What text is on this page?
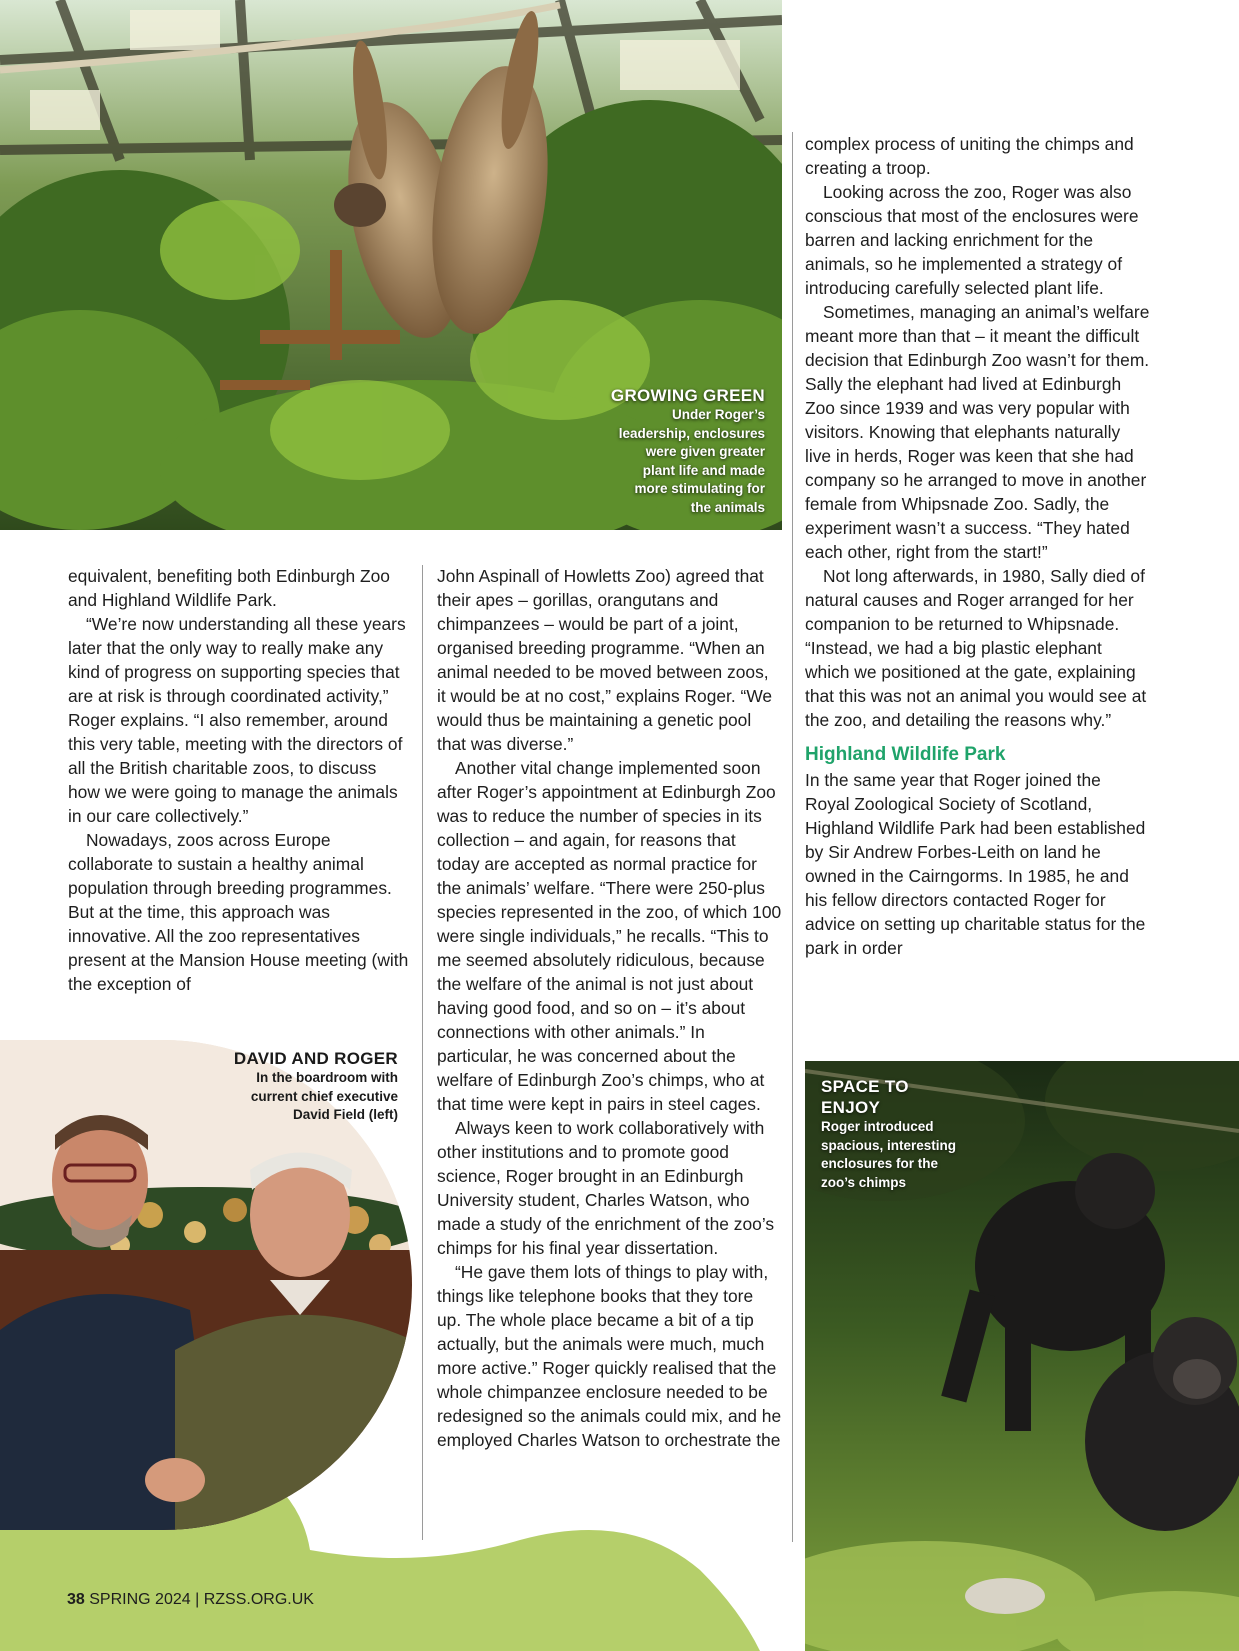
GROWING GREEN
Under Roger’s
leadership, enclosures
were given greater
plant life and made
more stimulating for
the animals
DAVID AND ROGER
In the boardroom with
current chief executive
David Field (left)
SPACE TO
ENJOY
Roger introduced
spacious, interesting
enclosures for the
zoo’s chimps

equivalent, benefiting both Edinburgh Zoo and Highland Wildlife Park.

“We’re now understanding all these years later that the only way to really make any kind of progress on supporting species that are at risk is through coordinated activity,” Roger explains. “I also remember, around this very table, meeting with the directors of all the British charitable zoos, to discuss how we were going to manage the animals in our care collectively.”

Nowadays, zoos across Europe collaborate to sustain a healthy animal population through breeding programmes. But at the time, this approach was innovative. All the zoo representatives present at the Mansion House meeting (with the exception of

John Aspinall of Howletts Zoo) agreed that their apes – gorillas, orangutans and chimpanzees – would be part of a joint, organised breeding programme. “When an animal needed to be moved between zoos, it would be at no cost,” explains Roger. “We would thus be maintaining a genetic pool that was diverse.”

Another vital change implemented soon after Roger’s appointment at Edinburgh Zoo was to reduce the number of species in its collection – and again, for reasons that today are accepted as normal practice for the animals’ welfare. “There were 250-plus species represented in the zoo, of which 100 were single individuals,” he recalls. “This to me seemed absolutely ridiculous, because the welfare of the animal is not just about having good food, and so on – it’s about connections with other animals.” In particular, he was concerned about the welfare of Edinburgh Zoo’s chimps, who at that time were kept in pairs in steel cages.

Always keen to work collaboratively with other institutions and to promote good science, Roger brought in an Edinburgh University student, Charles Watson, who made a study of the enrichment of the zoo’s chimps for his final year dissertation.

“He gave them lots of things to play with, things like telephone books that they tore up. The whole place became a bit of a tip actually, but the animals were much, much more active.” Roger quickly realised that the whole chimpanzee enclosure needed to be redesigned so the animals could mix, and he employed Charles Watson to orchestrate the

complex process of uniting the chimps and creating a troop.

Looking across the zoo, Roger was also conscious that most of the enclosures were barren and lacking enrichment for the animals, so he implemented a strategy of introducing carefully selected plant life.

Sometimes, managing an animal’s welfare meant more than that – it meant the difficult decision that Edinburgh Zoo wasn’t for them. Sally the elephant had lived at Edinburgh Zoo since 1939 and was very popular with visitors. Knowing that elephants naturally live in herds, Roger was keen that she had company so he arranged to move in another female from Whipsnade Zoo. Sadly, the experiment wasn’t a success. “They hated each other, right from the start!”

Not long afterwards, in 1980, Sally died of natural causes and Roger arranged for her companion to be returned to Whipsnade. “Instead, we had a big plastic elephant which we positioned at the gate, explaining that this was not an animal you would see at the zoo, and detailing the reasons why.”

Highland Wildlife Park

In the same year that Roger joined the Royal Zoological Society of Scotland, Highland Wildlife Park had been established by Sir Andrew Forbes-Leith on land he owned in the Cairngorms. In 1985, he and his fellow directors contacted Roger for advice on setting up charitable status for the park in order

38 SPRING 2024 | RZSS.ORG.UK
